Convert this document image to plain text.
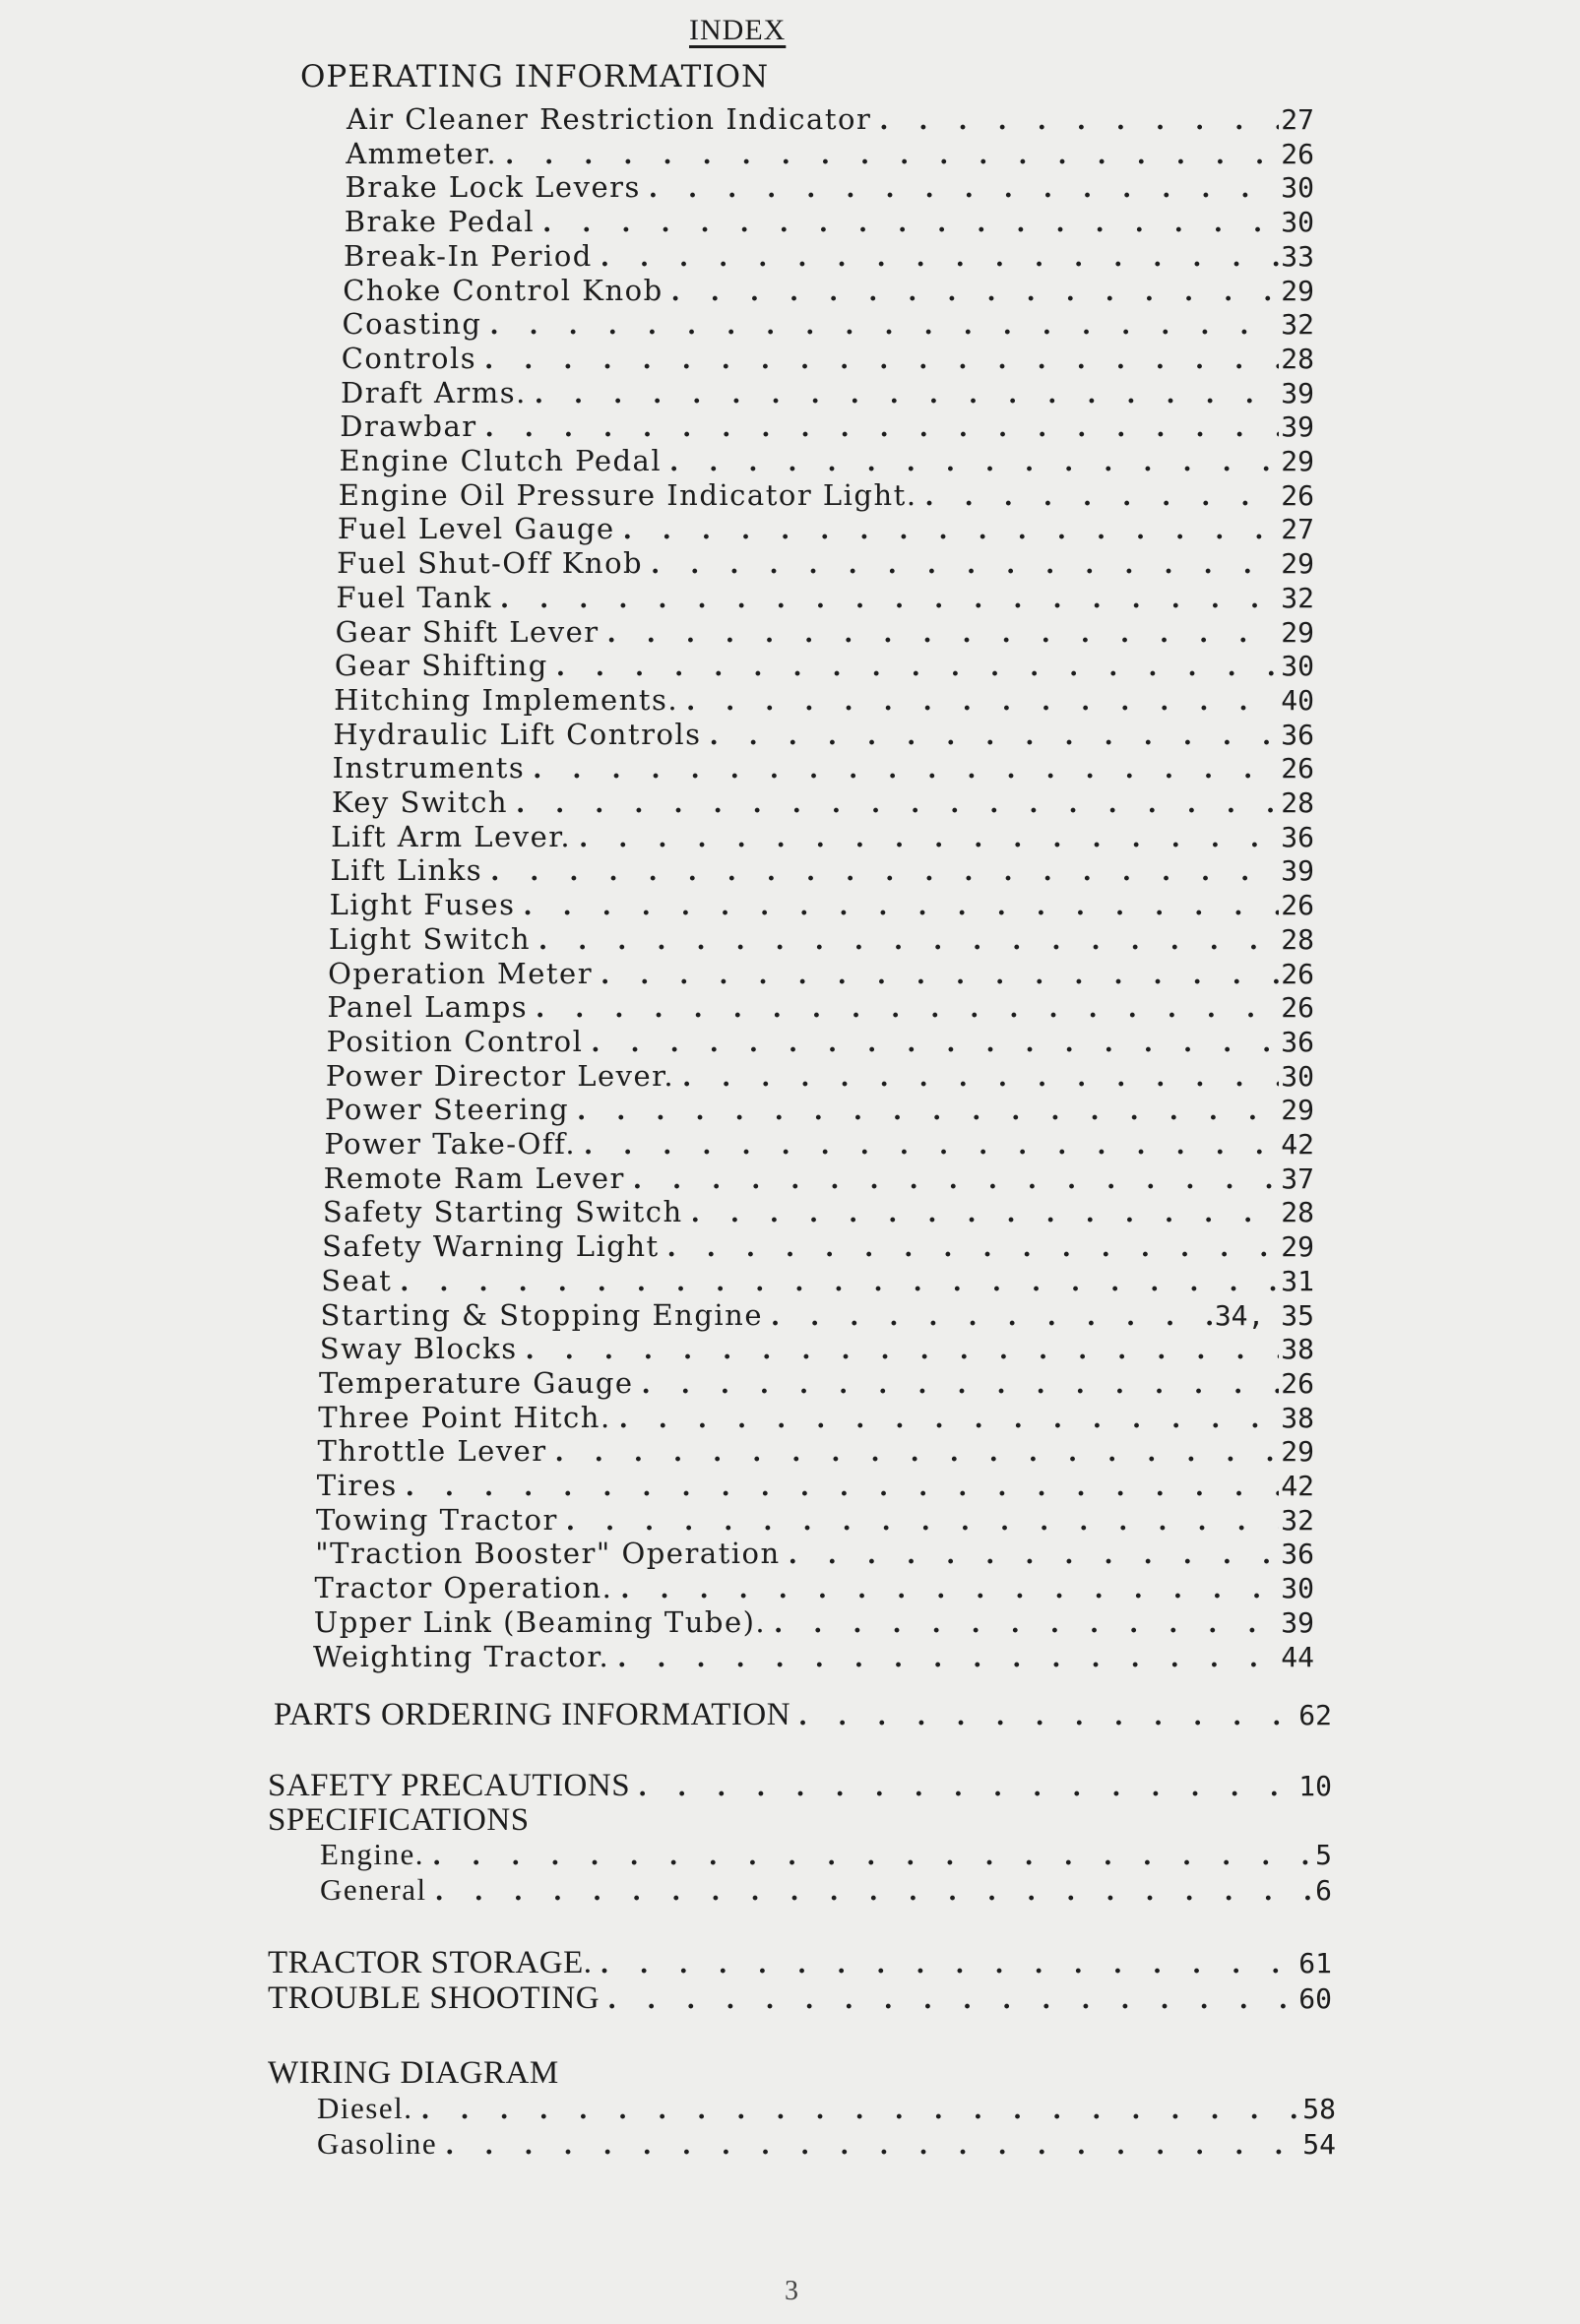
INDEX
OPERATING INFORMATION
Air Cleaner Restriction Indicator . . .	27
Ammeter. . . .	26
Brake Lock Levers . . .	30
Brake Pedal . . .	30
Break-In Period . . .	33
Choke Control Knob . . .	29
Coasting . . .	32
Controls . . .	28
Draft Arms. . . .	39
Drawbar . . .	39
Engine Clutch Pedal . . .	29
Engine Oil Pressure Indicator Light. . . .	26
Fuel Level Gauge . . .	27
Fuel Shut-Off Knob . . .	29
Fuel Tank . . .	32
Gear Shift Lever . . .	29
Gear Shifting . . .	30
Hitching Implements. . . .	40
Hydraulic Lift Controls . . .	36
Instruments . . .	26
Key Switch . . .	28
Lift Arm Lever. . . .	36
Lift Links . . .	39
Light Fuses . . .	26
Light Switch . . .	28
Operation Meter . . .	26
Panel Lamps . . .	26
Position Control . . .	36
Power Director Lever. . . .	30
Power Steering . . .	29
Power Take-Off. . . .	42
Remote Ram Lever . . .	37
Safety Starting Switch . . .	28
Safety Warning Light . . .	29
Seat . . .	31
Starting & Stopping Engine . . .	34, 35
Sway Blocks . . .	38
Temperature Gauge . . .	26
Three Point Hitch. . . .	38
Throttle Lever . . .	29
Tires . . .	42
Towing Tractor . . .	32
"Traction Booster" Operation . . .	36
Tractor Operation. . . .	30
Upper Link (Beaming Tube). . . .	39
Weighting Tractor. . . .	44
PARTS ORDERING INFORMATION . . .	62
SAFETY PRECAUTIONS . . .	10
SPECIFICATIONS
Engine. . . .	5
General . . .	6
TRACTOR STORAGE. . . .	61
TROUBLE SHOOTING . . .	60
WIRING DIAGRAM
Diesel. . . .	58
Gasoline . . .	54
3
